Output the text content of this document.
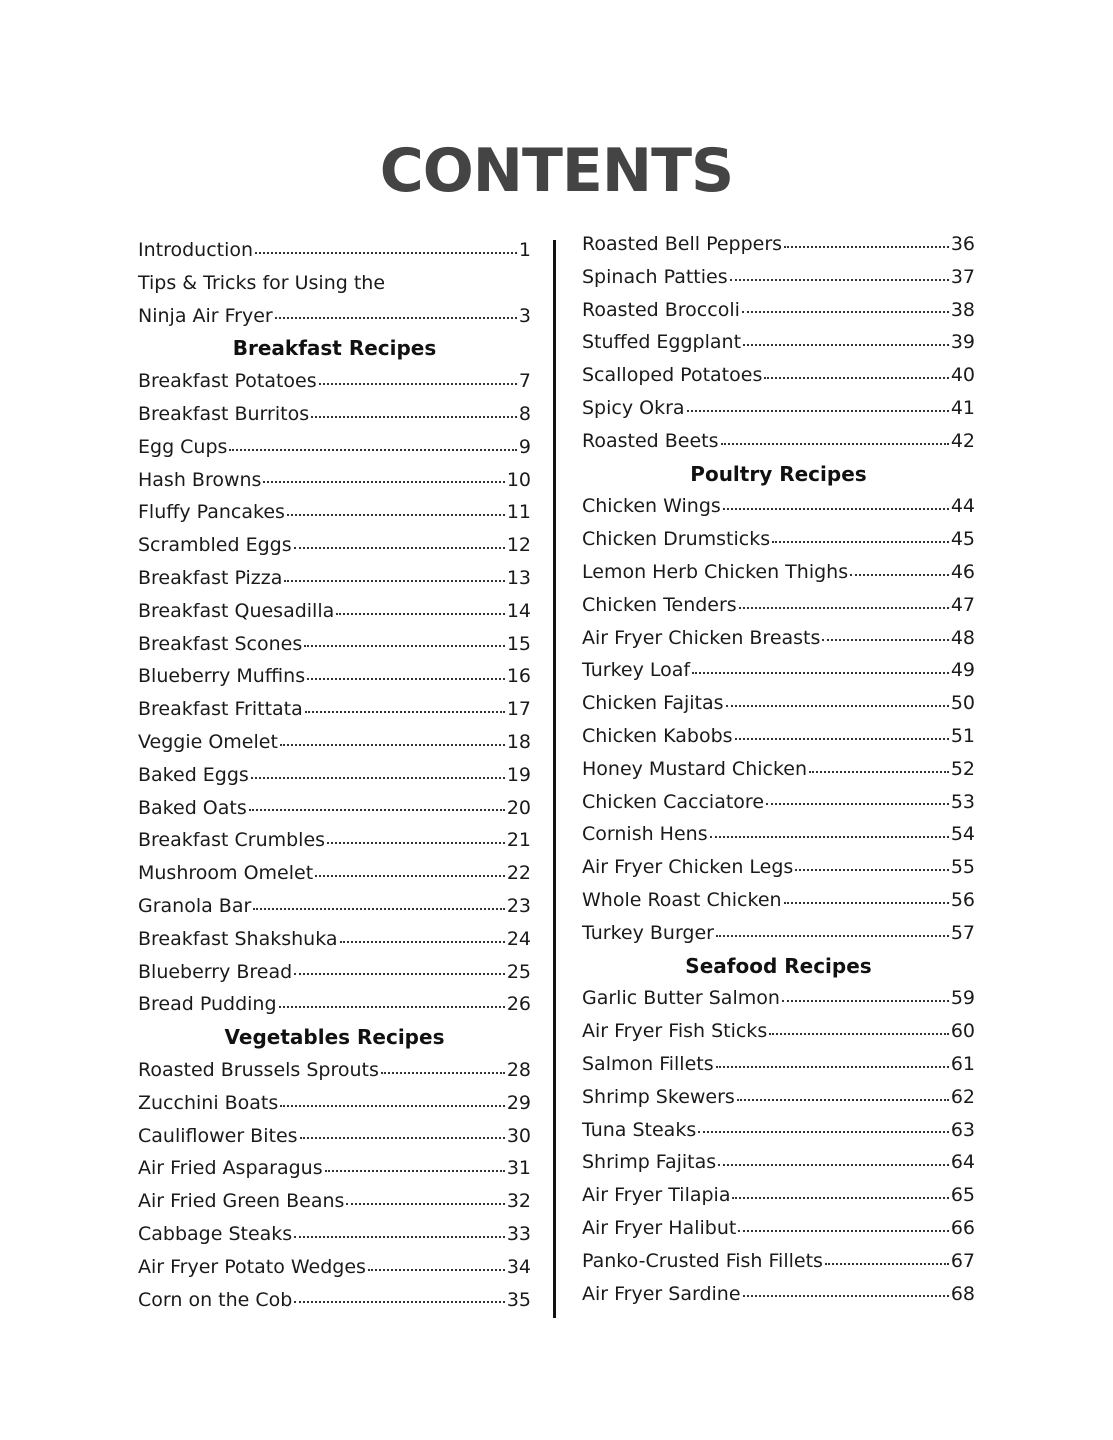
CONTENTS
Introduction	1
Tips & Tricks for Using the
Ninja Air Fryer	3
Breakfast Recipes
Breakfast Potatoes	7
Breakfast Burritos	8
Egg Cups	9
Hash Browns	10
Fluffy Pancakes	11
Scrambled Eggs	12
Breakfast Pizza	13
Breakfast Quesadilla	14
Breakfast Scones	15
Blueberry Muffins	16
Breakfast Frittata	17
Veggie Omelet	18
Baked Eggs	19
Baked Oats	20
Breakfast Crumbles	21
Mushroom Omelet	22
Granola Bar	23
Breakfast Shakshuka	24
Blueberry Bread	25
Bread Pudding	26
Vegetables Recipes
Roasted Brussels Sprouts	28
Zucchini Boats	29
Cauliflower Bites	30
Air Fried Asparagus	31
Air Fried Green Beans	32
Cabbage Steaks	33
Air Fryer Potato Wedges	34
Corn on the Cob	35
Roasted Bell Peppers	36
Spinach Patties	37
Roasted Broccoli	38
Stuffed Eggplant	39
Scalloped Potatoes	40
Spicy Okra	41
Roasted Beets	42
Poultry Recipes
Chicken Wings	44
Chicken Drumsticks	45
Lemon Herb Chicken Thighs	46
Chicken Tenders	47
Air Fryer Chicken Breasts	48
Turkey Loaf	49
Chicken Fajitas	50
Chicken Kabobs	51
Honey Mustard Chicken	52
Chicken Cacciatore	53
Cornish Hens	54
Air Fryer Chicken Legs	55
Whole Roast Chicken	56
Turkey Burger	57
Seafood Recipes
Garlic Butter Salmon	59
Air Fryer Fish Sticks	60
Salmon Fillets	61
Shrimp Skewers	62
Tuna Steaks	63
Shrimp Fajitas	64
Air Fryer Tilapia	65
Air Fryer Halibut	66
Panko-Crusted Fish Fillets	67
Air Fryer Sardine	68
